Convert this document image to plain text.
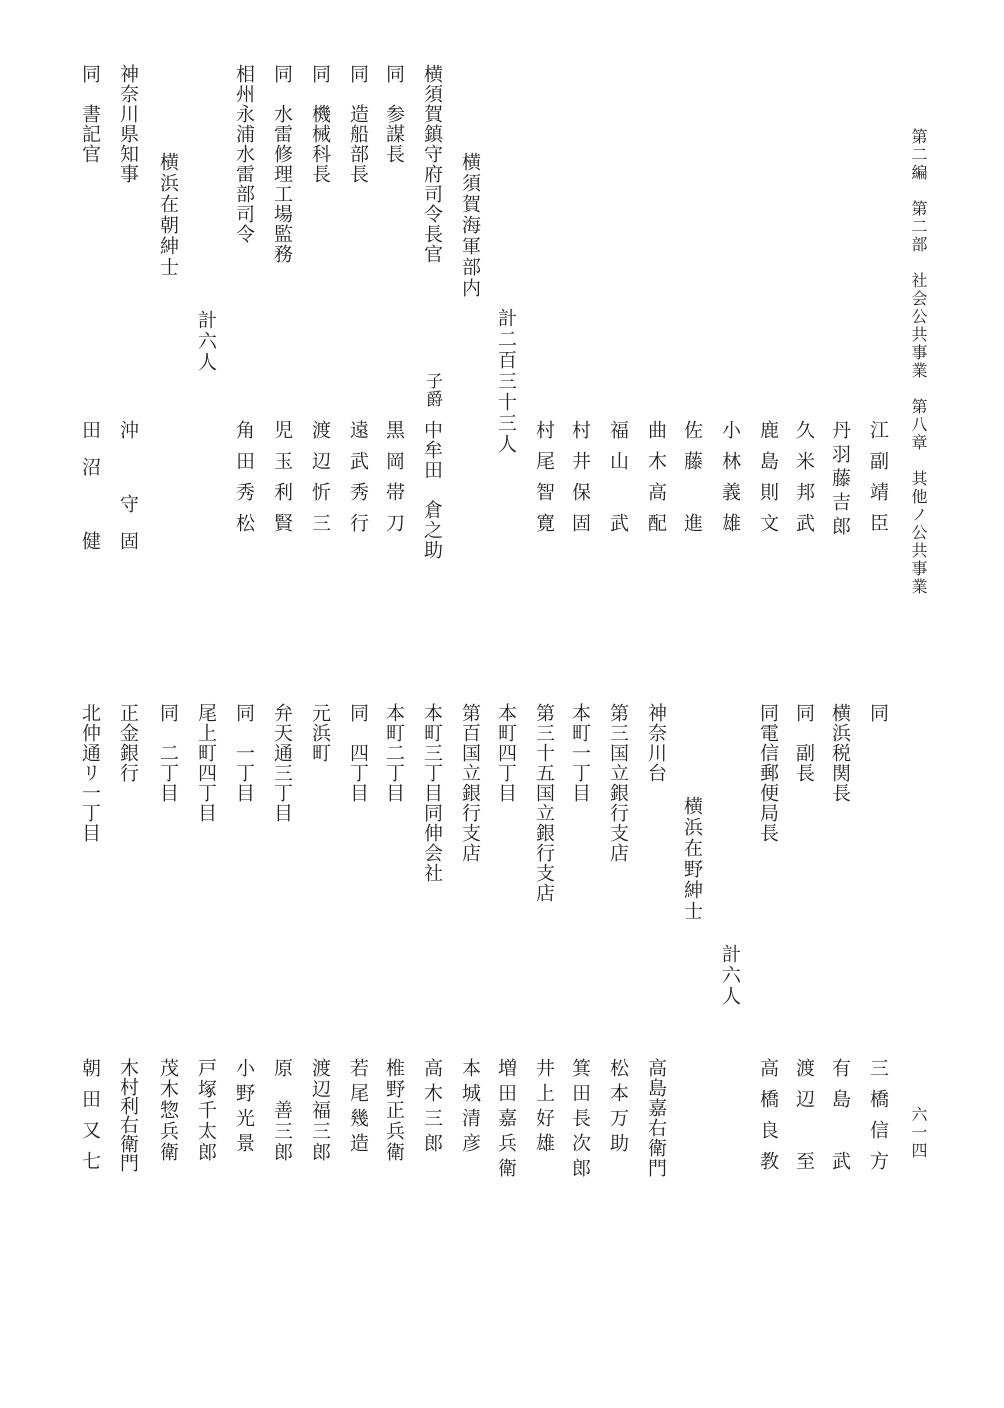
第二編　第二部　社会公共事業　第八章　其他ノ公共事業
六一四
同
江副靖臣
丹羽藤吉郎
久米邦武
鹿島則文
小林義雄
佐藤　進
曲木高配
福山　武
村井保固
村尾智寛
計二百三十三人
横須賀海軍部内
横須賀鎮守府司令長官
子爵
中牟田　倉之助
同　参謀長
黒岡帯刀
同　造船部長
遠武秀行
同　機械科長
渡辺忻三
同　水雷修理工場監務
児玉利賢
相州永浦水雷部司令
角田秀松
計六人
横浜在朝紳士
神奈川県知事
沖　守固
同　書記官
田沼　健
横浜税関長
同　副長
同電信郵便局長
三橋信方
有島　武
渡辺　至
高橋良教
計六人
横浜在野紳士
神奈川台
高島嘉右衛門
第三国立銀行支店
松本万助
本町一丁目
箕田長次郎
第三十五国立銀行支店
井上好雄
本町四丁目
増田嘉兵衛
第百国立銀行支店
本城清彦
本町三丁目同伸会社
高木三郎
本町二丁目
椎野正兵衛
同　四丁目
若尾幾造
元浜町
渡辺福三郎
弁天通三丁目
原　善三郎
同　一丁目
小野光景
尾上町四丁目
戸塚千太郎
同　二丁目
茂木惣兵衛
正金銀行
木村利右衛門
北仲通リ一丁目
朝田又七
